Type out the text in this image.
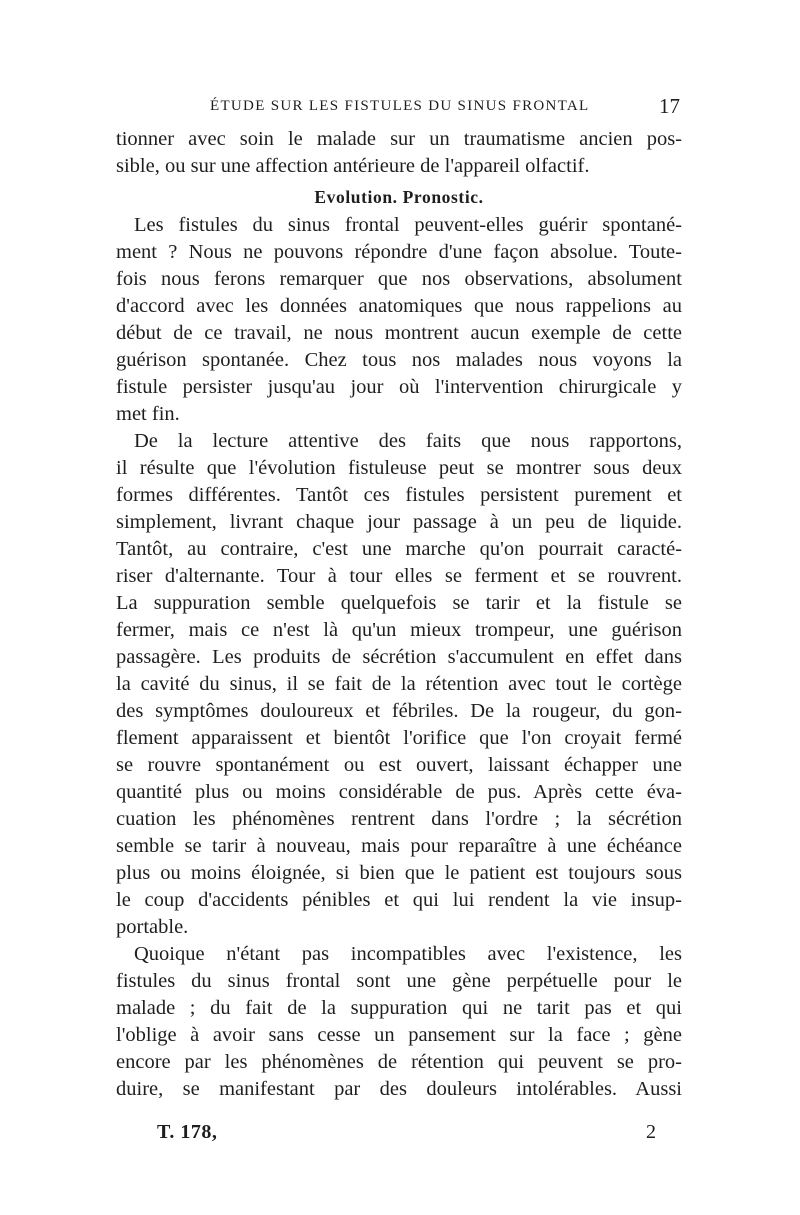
ÉTUDE SUR LES FISTULES DU SINUS FRONTAL	17
tionner avec soin le malade sur un traumatisme ancien pos-
sible, ou sur une affection antérieure de l'appareil olfactif.
Evolution. Pronostic.
Les fistules du sinus frontal peuvent-elles guérir spontané-
ment ? Nous ne pouvons répondre d'une façon absolue. Toute-
fois nous ferons remarquer que nos observations, absolument
d'accord avec les données anatomiques que nous rappelions au
début de ce travail, ne nous montrent aucun exemple de cette
guérison spontanée. Chez tous nos malades nous voyons la
fistule persister jusqu'au jour où l'intervention chirurgicale y
met fin.
De la lecture attentive des faits que nous rapportons,
il résulte que l'évolution fistuleuse peut se montrer sous deux
formes différentes. Tantôt ces fistules persistent purement et
simplement, livrant chaque jour passage à un peu de liquide.
Tantôt, au contraire, c'est une marche qu'on pourrait caracté-
riser d'alternante. Tour à tour elles se ferment et se rouvrent.
La suppuration semble quelquefois se tarir et la fistule se
fermer, mais ce n'est là qu'un mieux trompeur, une guérison
passagère. Les produits de sécrétion s'accumulent en effet dans
la cavité du sinus, il se fait de la rétention avec tout le cortège
des symptômes douloureux et fébriles. De la rougeur, du gon-
flement apparaissent et bientôt l'orifice que l'on croyait fermé
se rouvre spontanément ou est ouvert, laissant échapper une
quantité plus ou moins considérable de pus. Après cette éva-
cuation les phénomènes rentrent dans l'ordre ; la sécrétion
semble se tarir à nouveau, mais pour reparaître à une échéance
plus ou moins éloignée, si bien que le patient est toujours sous
le coup d'accidents pénibles et qui lui rendent la vie insup-
portable.
Quoique n'étant pas incompatibles avec l'existence, les
fistules du sinus frontal sont une gène perpétuelle pour le
malade ; du fait de la suppuration qui ne tarit pas et qui
l'oblige à avoir sans cesse un pansement sur la face ; gène
encore par les phénomènes de rétention qui peuvent se pro-
duire, se manifestant par des douleurs intolérables. Aussi
T. 178,	2
